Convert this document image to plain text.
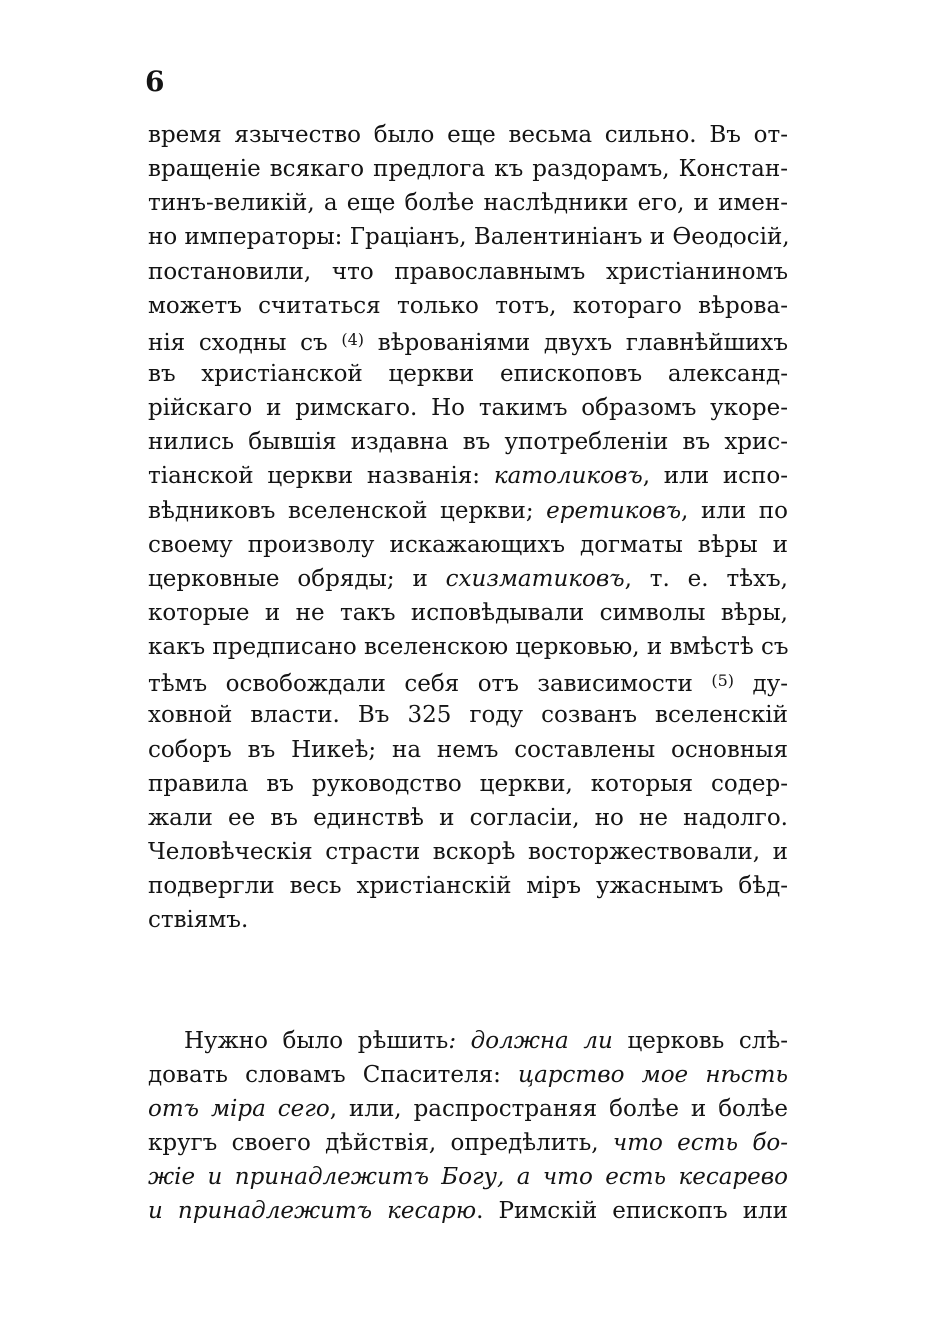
6
время язычество было еще весьма сильно. Въ от-
вращеніе всякаго предлога къ раздорамъ, Констан-
тинъ-великій, а еще болѣе наслѣдники его, и имен-
но императоры: Граціанъ, Валентиніанъ и Ѳеодосій,
постановили, что православнымъ христіаниномъ
можетъ считаться только тотъ, котораго вѣрова-
нія сходны съ $^{(4)}$ вѣрованіями двухъ главнѣйшихъ
въ христіанской церкви епископовъ александ-
рійскаго и римскаго. Но такимъ образомъ укоре-
нились бывшія издавна въ употребленіи въ хрис-
тіанской церкви названія: католиковъ, или испо-
вѣдниковъ вселенской церкви; еретиковъ, или по
своему произволу искажающихъ догматы вѣры и
церковные обряды; и схизматиковъ, т. е. тѣхъ,
которые и не такъ исповѣдывали символы вѣры,
какъ предписано вселенскою церковью, и вмѣстѣ съ
тѣмъ освобождали себя отъ зависимости $^{(5)}$ ду-
ховной власти. Въ 325 году созванъ вселенскій
соборъ въ Никеѣ; на немъ составлены основныя
правила въ руководство церкви, которыя содер-
жали ее въ единствѣ и согласіи, но не надолго.
Человѣческія страсти вскорѣ восторжествовали, и
подвергли весь христіанскій міръ ужаснымъ бѣд-
ствіямъ.
Нужно было рѣшить: должна ли церковь слѣ-
довать словамъ Спасителя: царство мое нѣсть
отъ міра сего, или, распространяя болѣе и болѣе
кругъ своего дѣйствія, опредѣлить, что есть бо-
жіе и принадлежитъ Богу, а что есть кесарево
и принадлежитъ кесарю. Римскій епископъ или
